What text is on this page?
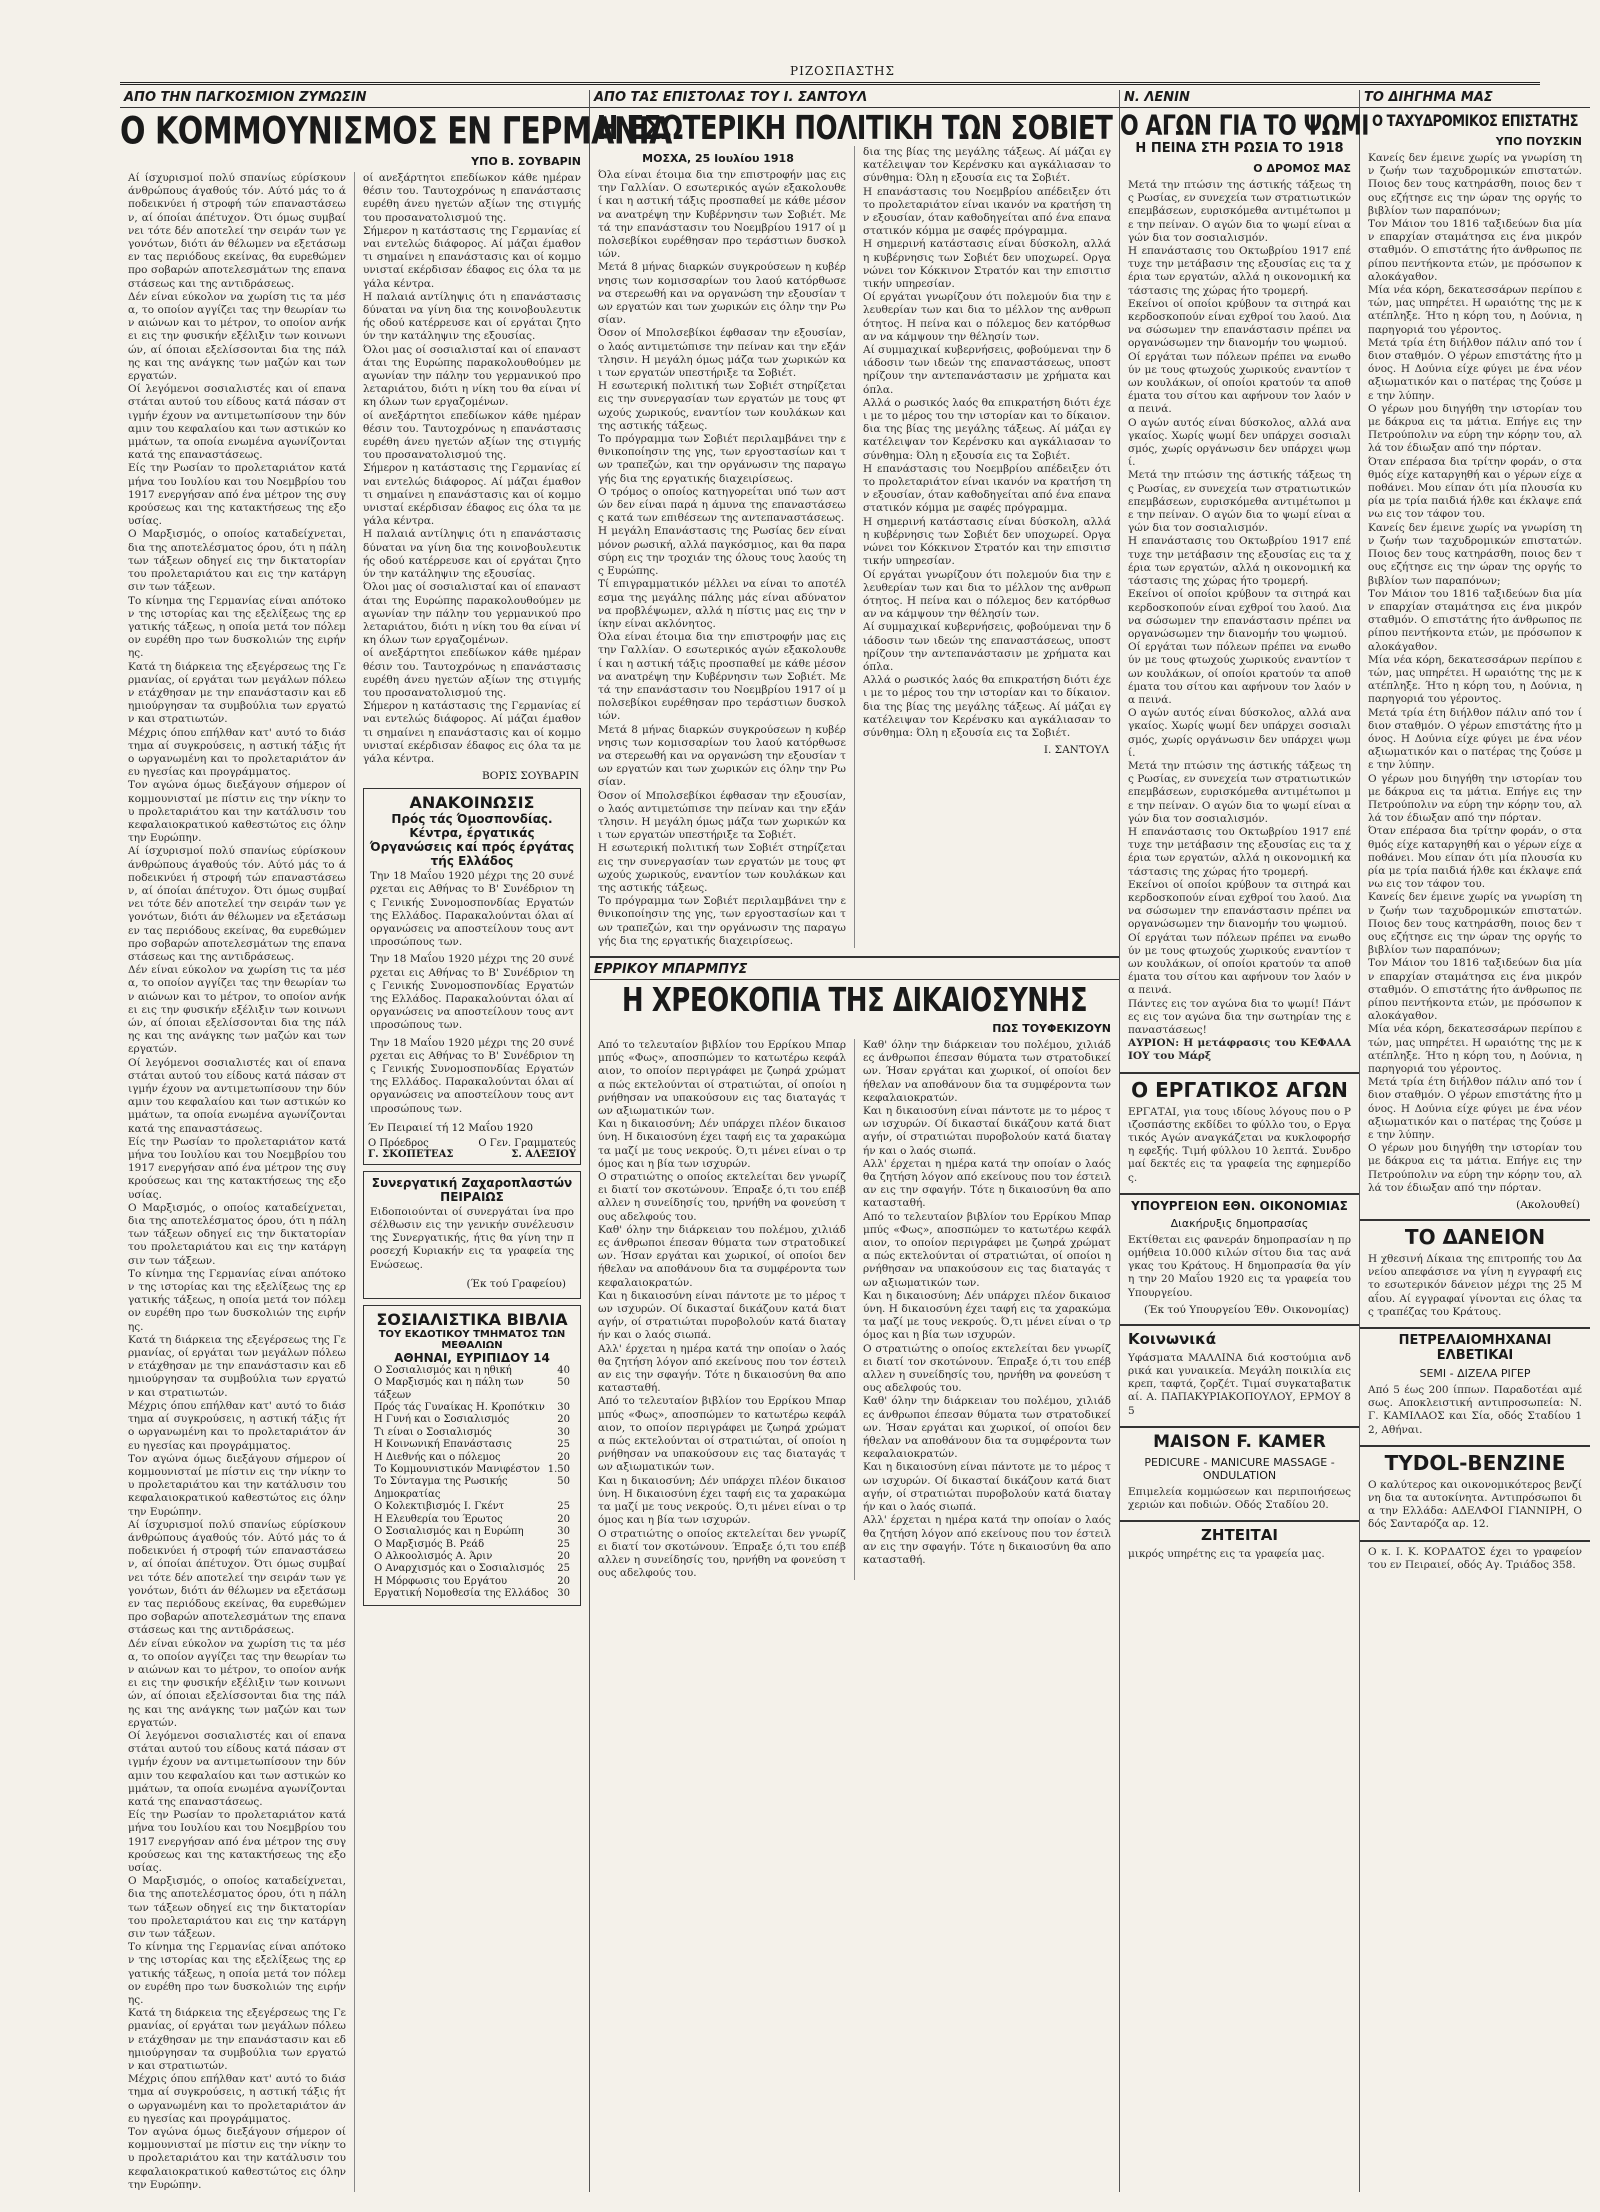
ΡΙΖΟΣΠΑΣΤΗΣ
ΑΠΟ ΤΗΝ ΠΑΓΚΟΣΜΙΟΝ ΖΥΜΩΣΙΝ
Ο ΚΟΜΜΟΥΝΙΣΜΟΣ ΕΝ ΓΕΡΜΑΝΙΑ
ΥΠΟ Β. ΣΟΥΒΑΡΙΝ

Αί ίσχυρισμοί πολύ σπανίως εύρίσκουν άνθρώπους άγαθούς τόν. Αύτό μάς το άποδεικνύει ή στροφή τών επαναστάσεων, αί όποίαι άπέτυχον. Ότι όμως συμβαίνει τότε δέν αποτελεί την σειράν των γεγονότων, διότι άν θέλωμεν να εξετάσωμεν τας περιόδους εκείνας, θα ευρεθώμεν προ σοβαρών αποτελεσμάτων της επαναστάσεως και της αντιδράσεως.

Δέν είναι εύκολον να χωρίση τις τα μέσα, το οποίον αγγίζει τας την θεωρίαν των αιώνων και το μέτρον, το οποίον ανήκει εις την φυσικήν εξέλιξιν των κοινωνιών, αί όποιαι εξελίσσονται δια της πάλης και της ανάγκης των μαζών και των εργατών.

Οί λεγόμενοι σοσιαλιστές και οί επαναστάται αυτού του είδους κατά πάσαν στιγμήν έχουν να αντιμετωπίσουν την δύναμιν του κεφαλαίου και των αστικών κομμάτων, τα οποία ενωμένα αγωνίζονται κατά της επαναστάσεως.

Είς την Ρωσίαν το προλεταριάτον κατά μήνα του Ιουλίου και του Νοεμβρίου του 1917 ενεργήσαν από ένα μέτρον της συγκρούσεως και της κατακτήσεως της εξουσίας.

Ο Μαρξισμός, ο οποίος καταδείχνεται, δια της αποτελέσματος όρου, ότι η πάλη των τάξεων οδηγεί εις την δικτατορίαν του προλεταριάτου και εις την κατάργησιν των τάξεων.

Το κίνημα της Γερμανίας είναι απότοκον της ιστορίας και της εξελίξεως της εργατικής τάξεως, η οποία μετά τον πόλεμον ευρέθη προ των δυσκολιών της ειρήνης.

Κατά τη διάρκεια της εξεγέρσεως της Γερμανίας, οί εργάται των μεγάλων πόλεων ετάχθησαν με την επανάστασιν και εδημιούργησαν τα συμβούλια των εργατών και στρατιωτών.

Μέχρις όπου επήλθαν κατ' αυτό το διάστημα αί συγκρούσεις, η αστική τάξις ήτο ωργανωμένη και το προλεταριάτον άνευ ηγεσίας και προγράμματος.

Τον αγώνα όμως διεξάγουν σήμερον οί κομμουνισταί με πίστιν εις την νίκην του προλεταριάτου και την κατάλυσιν του κεφαλαιοκρατικού καθεστώτος εις όλην την Ευρώπην.

Αί ίσχυρισμοί πολύ σπανίως εύρίσκουν άνθρώπους άγαθούς τόν. Αύτό μάς το άποδεικνύει ή στροφή τών επαναστάσεων, αί όποίαι άπέτυχον. Ότι όμως συμβαίνει τότε δέν αποτελεί την σειράν των γεγονότων, διότι άν θέλωμεν να εξετάσωμεν τας περιόδους εκείνας, θα ευρεθώμεν προ σοβαρών αποτελεσμάτων της επαναστάσεως και της αντιδράσεως.

Δέν είναι εύκολον να χωρίση τις τα μέσα, το οποίον αγγίζει τας την θεωρίαν των αιώνων και το μέτρον, το οποίον ανήκει εις την φυσικήν εξέλιξιν των κοινωνιών, αί όποιαι εξελίσσονται δια της πάλης και της ανάγκης των μαζών και των εργατών.

Οί λεγόμενοι σοσιαλιστές και οί επαναστάται αυτού του είδους κατά πάσαν στιγμήν έχουν να αντιμετωπίσουν την δύναμιν του κεφαλαίου και των αστικών κομμάτων, τα οποία ενωμένα αγωνίζονται κατά της επαναστάσεως.

Είς την Ρωσίαν το προλεταριάτον κατά μήνα του Ιουλίου και του Νοεμβρίου του 1917 ενεργήσαν από ένα μέτρον της συγκρούσεως και της κατακτήσεως της εξουσίας.

Ο Μαρξισμός, ο οποίος καταδείχνεται, δια της αποτελέσματος όρου, ότι η πάλη των τάξεων οδηγεί εις την δικτατορίαν του προλεταριάτου και εις την κατάργησιν των τάξεων.

Το κίνημα της Γερμανίας είναι απότοκον της ιστορίας και της εξελίξεως της εργατικής τάξεως, η οποία μετά τον πόλεμον ευρέθη προ των δυσκολιών της ειρήνης.

Κατά τη διάρκεια της εξεγέρσεως της Γερμανίας, οί εργάται των μεγάλων πόλεων ετάχθησαν με την επανάστασιν και εδημιούργησαν τα συμβούλια των εργατών και στρατιωτών.

Μέχρις όπου επήλθαν κατ' αυτό το διάστημα αί συγκρούσεις, η αστική τάξις ήτο ωργανωμένη και το προλεταριάτον άνευ ηγεσίας και προγράμματος.

Τον αγώνα όμως διεξάγουν σήμερον οί κομμουνισταί με πίστιν εις την νίκην του προλεταριάτου και την κατάλυσιν του κεφαλαιοκρατικού καθεστώτος εις όλην την Ευρώπην.

Αί ίσχυρισμοί πολύ σπανίως εύρίσκουν άνθρώπους άγαθούς τόν. Αύτό μάς το άποδεικνύει ή στροφή τών επαναστάσεων, αί όποίαι άπέτυχον. Ότι όμως συμβαίνει τότε δέν αποτελεί την σειράν των γεγονότων, διότι άν θέλωμεν να εξετάσωμεν τας περιόδους εκείνας, θα ευρεθώμεν προ σοβαρών αποτελεσμάτων της επαναστάσεως και της αντιδράσεως.

Δέν είναι εύκολον να χωρίση τις τα μέσα, το οποίον αγγίζει τας την θεωρίαν των αιώνων και το μέτρον, το οποίον ανήκει εις την φυσικήν εξέλιξιν των κοινωνιών, αί όποιαι εξελίσσονται δια της πάλης και της ανάγκης των μαζών και των εργατών.

Οί λεγόμενοι σοσιαλιστές και οί επαναστάται αυτού του είδους κατά πάσαν στιγμήν έχουν να αντιμετωπίσουν την δύναμιν του κεφαλαίου και των αστικών κομμάτων, τα οποία ενωμένα αγωνίζονται κατά της επαναστάσεως.

Είς την Ρωσίαν το προλεταριάτον κατά μήνα του Ιουλίου και του Νοεμβρίου του 1917 ενεργήσαν από ένα μέτρον της συγκρούσεως και της κατακτήσεως της εξουσίας.

Ο Μαρξισμός, ο οποίος καταδείχνεται, δια της αποτελέσματος όρου, ότι η πάλη των τάξεων οδηγεί εις την δικτατορίαν του προλεταριάτου και εις την κατάργησιν των τάξεων.

Το κίνημα της Γερμανίας είναι απότοκον της ιστορίας και της εξελίξεως της εργατικής τάξεως, η οποία μετά τον πόλεμον ευρέθη προ των δυσκολιών της ειρήνης.

Κατά τη διάρκεια της εξεγέρσεως της Γερμανίας, οί εργάται των μεγάλων πόλεων ετάχθησαν με την επανάστασιν και εδημιούργησαν τα συμβούλια των εργατών και στρατιωτών.

Μέχρις όπου επήλθαν κατ' αυτό το διάστημα αί συγκρούσεις, η αστική τάξις ήτο ωργανωμένη και το προλεταριάτον άνευ ηγεσίας και προγράμματος.

Τον αγώνα όμως διεξάγουν σήμερον οί κομμουνισταί με πίστιν εις την νίκην του προλεταριάτου και την κατάλυσιν του κεφαλαιοκρατικού καθεστώτος εις όλην την Ευρώπην.

οί ανεξάρτητοι επεδίωκον κάθε ημέραν θέσιν του. Ταυτοχρόνως η επανάστασις ευρέθη άνευ ηγετών αξίων της στιγμής του προσανατολισμού της.

Σήμερον η κατάστασις της Γερμανίας είναι εντελώς διάφορος. Αί μάζαι έμαθον τι σημαίνει η επανάστασις και οί κομμουνισταί εκέρδισαν έδαφος εις όλα τα μεγάλα κέντρα.

Η παλαιά αντίληψις ότι η επανάστασις δύναται να γίνη δια της κοινοβουλευτικής οδού κατέρρευσε και οί εργάται ζητούν την κατάληψιν της εξουσίας.

Όλοι μας οί σοσιαλισταί και οί επαναστάται της Ευρώπης παρακολουθούμεν με αγωνίαν την πάλην του γερμανικού προλεταριάτου, διότι η νίκη του θα είναι νίκη όλων των εργαζομένων.

οί ανεξάρτητοι επεδίωκον κάθε ημέραν θέσιν του. Ταυτοχρόνως η επανάστασις ευρέθη άνευ ηγετών αξίων της στιγμής του προσανατολισμού της.

Σήμερον η κατάστασις της Γερμανίας είναι εντελώς διάφορος. Αί μάζαι έμαθον τι σημαίνει η επανάστασις και οί κομμουνισταί εκέρδισαν έδαφος εις όλα τα μεγάλα κέντρα.

Η παλαιά αντίληψις ότι η επανάστασις δύναται να γίνη δια της κοινοβουλευτικής οδού κατέρρευσε και οί εργάται ζητούν την κατάληψιν της εξουσίας.

Όλοι μας οί σοσιαλισταί και οί επαναστάται της Ευρώπης παρακολουθούμεν με αγωνίαν την πάλην του γερμανικού προλεταριάτου, διότι η νίκη του θα είναι νίκη όλων των εργαζομένων.

οί ανεξάρτητοι επεδίωκον κάθε ημέραν θέσιν του. Ταυτοχρόνως η επανάστασις ευρέθη άνευ ηγετών αξίων της στιγμής του προσανατολισμού της.

Σήμερον η κατάστασις της Γερμανίας είναι εντελώς διάφορος. Αί μάζαι έμαθον τι σημαίνει η επανάστασις και οί κομμουνισταί εκέρδισαν έδαφος εις όλα τα μεγάλα κέντρα.

ΒΟΡΙΣ ΣΟΥΒΑΡΙΝ
ΑΝΑΚΟΙΝΩΣΙΣ
Πρός τάς Όμοσπονδίας. Κέντρα, έργατικάς Όργανώσεις καί πρός έργάτας τής Ελλάδος

Την 18 Μαΐου 1920 μέχρι της 20 συνέρχεται εις Αθήνας το Β' Συνέδριον της Γενικής Συνομοσπονδίας Εργατών της Ελλάδος. Παρακαλούνται όλαι αί οργανώσεις να αποστείλουν τους αντιπροσώπους των.

Την 18 Μαΐου 1920 μέχρι της 20 συνέρχεται εις Αθήνας το Β' Συνέδριον της Γενικής Συνομοσπονδίας Εργατών της Ελλάδος. Παρακαλούνται όλαι αί οργανώσεις να αποστείλουν τους αντιπροσώπους των.

Την 18 Μαΐου 1920 μέχρι της 20 συνέρχεται εις Αθήνας το Β' Συνέδριον της Γενικής Συνομοσπονδίας Εργατών της Ελλάδος. Παρακαλούνται όλαι αί οργανώσεις να αποστείλουν τους αντιπροσώπους των.

Έν Πειραιεί τή 12 Μαΐου 1920
Ο Πρόεδρος	Ο Γεν. Γραμματεύς
Γ. ΣΚΟΠΕΤΕΑΣ	Σ. ΑΛΕΞΙΟΥ
Συνεργατική Ζαχαροπλαστών ΠΕΙΡΑΙΩΣ

Ειδοποιούνται οί συνεργάται ίνα προσέλθωσιν εις την γενικήν συνέλευσιν της Συνεργατικής, ήτις θα γίνη την προσεχή Κυριακήν εις τα γραφεία της Ενώσεως.

(Έκ τού Γραφείου)
ΣΟΣΙΑΛΙΣΤΙΚΑ ΒΙΒΛΙΑ
ΤΟΥ ΕΚΔΟΤΙΚΟΥ ΤΜΗΜΑΤΟΣ ΤΩΝ ΜΕΘΑΛΙΩΝ
ΑΘΗΝΑΙ, ΕΥΡΙΠΙΔΟΥ 14
Ο Σοσιαλισμός και η ηθική	40
Ο Μαρξισμός και η πάλη των τάξεων
50
Πρός τάς Γυναίκας Η. Κροπότκιν 30
Η Γυνή και ο Σοσιαλισμός	20
Τι είναι ο Σοσιαλισμός	30
Η Κοινωνική Επανάστασις	25
Η Διεθνής και ο πόλεμος	20
Το Κομμουνιστικόν Μανιφέστον 1.50
Το Σύνταγμα της Ρωσικής Δημοκρατίας
50
Ο Κολεκτιβισμός Ι. Γκέντ	25
Η Ελευθερία του Έρωτος	20
Ο Σοσιαλισμός και η Ευρώπη	30
Ο Μαρξισμός Β. Ρεάδ	25
Ο Αλκοολισμός Α. Άριν	20
Ο Αναρχισμός και ο Σοσιαλισμός 25
Η Μόρφωσις του Εργάτου	20
Εργατική Νομοθεσία της Ελλάδος 30
ΑΠΟ ΤΑΣ ΕΠΙΣΤΟΛΑΣ ΤΟΥ Ι. ΣΑΝΤΟΥΛ
Η ΕΣΩΤΕΡΙΚΗ ΠΟΛΙΤΙΚΗ ΤΩΝ ΣΟΒΙΕΤ
ΜΟΣΧΑ, 25 Ιουλίου 1918

Όλα είναι έτοιμα δια την επιστροφήν μας εις την Γαλλίαν. Ο εσωτερικός αγών εξακολουθεί και η αστική τάξις προσπαθεί με κάθε μέσον να ανατρέψη την Κυβέρνησιν των Σοβιέτ. Μετά την επανάστασιν του Νοεμβρίου 1917 οί μπολσεβίκοι ευρέθησαν προ τεράστιων δυσκολιών.

Μετά 8 μήνας διαρκών συγκρούσεων η κυβέρνησις των κομισσαρίων του λαού κατόρθωσε να στερεωθή και να οργανώση την εξουσίαν των εργατών και των χωρικών εις όλην την Ρωσίαν.

Όσον οί Μπολσεβίκοι έφθασαν την εξουσίαν, ο λαός αντιμετώπισε την πείναν και την εξάντλησιν. Η μεγάλη όμως μάζα των χωρικών και των εργατών υπεστήριξε τα Σοβιέτ.

Η εσωτερική πολιτική των Σοβιέτ στηρίζεται εις την συνεργασίαν των εργατών με τους φτωχούς χωρικούς, εναντίον των κουλάκων και της αστικής τάξεως.

Το πρόγραμμα των Σοβιέτ περιλαμβάνει την εθνικοποίησιν της γης, των εργοστασίων και των τραπεζών, και την οργάνωσιν της παραγωγής δια της εργατικής διαχειρίσεως.

Ο τρόμος ο οποίος κατηγορείται υπό των αστών δεν είναι παρά η άμυνα της επαναστάσεως κατά των επιθέσεων της αντεπαναστάσεως.

Η μεγάλη Επανάστασις της Ρωσίας δεν είναι μόνον ρωσική, αλλά παγκόσμιος, και θα παρασύρη εις την τροχιάν της όλους τους λαούς της Ευρώπης.

Τί επιγραμματικόν μέλλει να είναι το αποτέλεσμα της μεγάλης πάλης μάς είναι αδύνατον να προβλέψωμεν, αλλά η πίστις μας εις την νίκην είναι ακλόνητος.

Όλα είναι έτοιμα δια την επιστροφήν μας εις την Γαλλίαν. Ο εσωτερικός αγών εξακολουθεί και η αστική τάξις προσπαθεί με κάθε μέσον να ανατρέψη την Κυβέρνησιν των Σοβιέτ. Μετά την επανάστασιν του Νοεμβρίου 1917 οί μπολσεβίκοι ευρέθησαν προ τεράστιων δυσκολιών.

Μετά 8 μήνας διαρκών συγκρούσεων η κυβέρνησις των κομισσαρίων του λαού κατόρθωσε να στερεωθή και να οργανώση την εξουσίαν των εργατών και των χωρικών εις όλην την Ρωσίαν.

Όσον οί Μπολσεβίκοι έφθασαν την εξουσίαν, ο λαός αντιμετώπισε την πείναν και την εξάντλησιν. Η μεγάλη όμως μάζα των χωρικών και των εργατών υπεστήριξε τα Σοβιέτ.

Η εσωτερική πολιτική των Σοβιέτ στηρίζεται εις την συνεργασίαν των εργατών με τους φτωχούς χωρικούς, εναντίον των κουλάκων και της αστικής τάξεως.

Το πρόγραμμα των Σοβιέτ περιλαμβάνει την εθνικοποίησιν της γης, των εργοστασίων και των τραπεζών, και την οργάνωσιν της παραγωγής δια της εργατικής διαχειρίσεως.

δια της βίας της μεγάλης τάξεως. Αί μάζαι εγκατέλειψαν τον Κερένσκυ και αγκάλιασαν το σύνθημα: Όλη η εξουσία εις τα Σοβιέτ.

Η επανάστασις του Νοεμβρίου απέδειξεν ότι το προλεταριάτον είναι ικανόν να κρατήση την εξουσίαν, όταν καθοδηγείται από ένα επαναστατικόν κόμμα με σαφές πρόγραμμα.

Η σημερινή κατάστασις είναι δύσκολη, αλλά η κυβέρνησις των Σοβιέτ δεν υποχωρεί. Οργανώνει τον Κόκκινον Στρατόν και την επισιτιστικήν υπηρεσίαν.

Οί εργάται γνωρίζουν ότι πολεμούν δια την ελευθερίαν των και δια το μέλλον της ανθρωπότητος. Η πείνα και ο πόλεμος δεν κατόρθωσαν να κάμψουν την θέλησίν των.

Αί συμμαχικαί κυβερνήσεις, φοβούμεναι την διάδοσιν των ιδεών της επαναστάσεως, υποστηρίζουν την αντεπανάστασιν με χρήματα και όπλα.

Αλλά ο ρωσικός λαός θα επικρατήση διότι έχει με το μέρος του την ιστορίαν και το δίκαιον.

δια της βίας της μεγάλης τάξεως. Αί μάζαι εγκατέλειψαν τον Κερένσκυ και αγκάλιασαν το σύνθημα: Όλη η εξουσία εις τα Σοβιέτ.

Η επανάστασις του Νοεμβρίου απέδειξεν ότι το προλεταριάτον είναι ικανόν να κρατήση την εξουσίαν, όταν καθοδηγείται από ένα επαναστατικόν κόμμα με σαφές πρόγραμμα.

Η σημερινή κατάστασις είναι δύσκολη, αλλά η κυβέρνησις των Σοβιέτ δεν υποχωρεί. Οργανώνει τον Κόκκινον Στρατόν και την επισιτιστικήν υπηρεσίαν.

Οί εργάται γνωρίζουν ότι πολεμούν δια την ελευθερίαν των και δια το μέλλον της ανθρωπότητος. Η πείνα και ο πόλεμος δεν κατόρθωσαν να κάμψουν την θέλησίν των.

Αί συμμαχικαί κυβερνήσεις, φοβούμεναι την διάδοσιν των ιδεών της επαναστάσεως, υποστηρίζουν την αντεπανάστασιν με χρήματα και όπλα.

Αλλά ο ρωσικός λαός θα επικρατήση διότι έχει με το μέρος του την ιστορίαν και το δίκαιον.

δια της βίας της μεγάλης τάξεως. Αί μάζαι εγκατέλειψαν τον Κερένσκυ και αγκάλιασαν το σύνθημα: Όλη η εξουσία εις τα Σοβιέτ.

Ι. ΣΑΝΤΟΥΛ
ΕΡΡΙΚΟΥ ΜΠΑΡΜΠΥΣ
Η ΧΡΕΟΚΟΠΙΑ ΤΗΣ ΔΙΚΑΙΟΣΥΝΗΣ
ΠΩΣ ΤΟΥΦΕΚΙΖΟΥΝ

Από το τελευταίον βιβλίον του Ερρίκου Μπαρμπύς «Φως», αποσπώμεν το κατωτέρω κεφάλαιον, το οποίον περιγράφει με ζωηρά χρώματα πώς εκτελούνται οί στρατιώται, οί οποίοι ηρνήθησαν να υπακούσουν εις τας διαταγάς των αξιωματικών των.

Και η δικαιοσύνη; Δέν υπάρχει πλέον δικαιοσύνη. Η δικαιοσύνη έχει ταφή εις τα χαρακώματα μαζί με τους νεκρούς. Ό,τι μένει είναι ο τρόμος και η βία των ισχυρών.

Ο στρατιώτης ο οποίος εκτελείται δεν γνωρίζει διατί τον σκοτώνουν. Έπραξε ό,τι του επέβαλλεν η συνείδησίς του, ηρνήθη να φονεύση τους αδελφούς του.

Καθ' όλην την διάρκειαν του πολέμου, χιλιάδες άνθρωποι έπεσαν θύματα των στρατοδικείων. Ήσαν εργάται και χωρικοί, οί οποίοι δεν ήθελαν να αποθάνουν δια τα συμφέροντα των κεφαλαιοκρατών.

Και η δικαιοσύνη είναι πάντοτε με το μέρος των ισχυρών. Οί δικασταί δικάζουν κατά διαταγήν, οί στρατιώται πυροβολούν κατά διαταγήν και ο λαός σιωπά.

Αλλ' έρχεται η ημέρα κατά την οποίαν ο λαός θα ζητήση λόγον από εκείνους που τον έστειλαν εις την σφαγήν. Τότε η δικαιοσύνη θα αποκατασταθή.

Από το τελευταίον βιβλίον του Ερρίκου Μπαρμπύς «Φως», αποσπώμεν το κατωτέρω κεφάλαιον, το οποίον περιγράφει με ζωηρά χρώματα πώς εκτελούνται οί στρατιώται, οί οποίοι ηρνήθησαν να υπακούσουν εις τας διαταγάς των αξιωματικών των.

Και η δικαιοσύνη; Δέν υπάρχει πλέον δικαιοσύνη. Η δικαιοσύνη έχει ταφή εις τα χαρακώματα μαζί με τους νεκρούς. Ό,τι μένει είναι ο τρόμος και η βία των ισχυρών.

Ο στρατιώτης ο οποίος εκτελείται δεν γνωρίζει διατί τον σκοτώνουν. Έπραξε ό,τι του επέβαλλεν η συνείδησίς του, ηρνήθη να φονεύση τους αδελφούς του.

Καθ' όλην την διάρκειαν του πολέμου, χιλιάδες άνθρωποι έπεσαν θύματα των στρατοδικείων. Ήσαν εργάται και χωρικοί, οί οποίοι δεν ήθελαν να αποθάνουν δια τα συμφέροντα των κεφαλαιοκρατών.

Και η δικαιοσύνη είναι πάντοτε με το μέρος των ισχυρών. Οί δικασταί δικάζουν κατά διαταγήν, οί στρατιώται πυροβολούν κατά διαταγήν και ο λαός σιωπά.

Αλλ' έρχεται η ημέρα κατά την οποίαν ο λαός θα ζητήση λόγον από εκείνους που τον έστειλαν εις την σφαγήν. Τότε η δικαιοσύνη θα αποκατασταθή.

Από το τελευταίον βιβλίον του Ερρίκου Μπαρμπύς «Φως», αποσπώμεν το κατωτέρω κεφάλαιον, το οποίον περιγράφει με ζωηρά χρώματα πώς εκτελούνται οί στρατιώται, οί οποίοι ηρνήθησαν να υπακούσουν εις τας διαταγάς των αξιωματικών των.

Και η δικαιοσύνη; Δέν υπάρχει πλέον δικαιοσύνη. Η δικαιοσύνη έχει ταφή εις τα χαρακώματα μαζί με τους νεκρούς. Ό,τι μένει είναι ο τρόμος και η βία των ισχυρών.

Ο στρατιώτης ο οποίος εκτελείται δεν γνωρίζει διατί τον σκοτώνουν. Έπραξε ό,τι του επέβαλλεν η συνείδησίς του, ηρνήθη να φονεύση τους αδελφούς του.

Καθ' όλην την διάρκειαν του πολέμου, χιλιάδες άνθρωποι έπεσαν θύματα των στρατοδικείων. Ήσαν εργάται και χωρικοί, οί οποίοι δεν ήθελαν να αποθάνουν δια τα συμφέροντα των κεφαλαιοκρατών.

Και η δικαιοσύνη είναι πάντοτε με το μέρος των ισχυρών. Οί δικασταί δικάζουν κατά διαταγήν, οί στρατιώται πυροβολούν κατά διαταγήν και ο λαός σιωπά.

Αλλ' έρχεται η ημέρα κατά την οποίαν ο λαός θα ζητήση λόγον από εκείνους που τον έστειλαν εις την σφαγήν. Τότε η δικαιοσύνη θα αποκατασταθή.

Ν. ΛΕΝΙΝ
Ο ΑΓΩΝ ΓΙΑ ΤΟ ΨΩΜΙ
Η ΠΕΙΝΑ ΣΤΗ ΡΩΣΙΑ ΤΟ 1918
Ο ΔΡΟΜΟΣ ΜΑΣ

Μετά την πτώσιν της άστικής τάξεως της Ρωσίας, εν συνεχεία των στρατιωτικών επεμβάσεων, ευρισκόμεθα αντιμέτωποι με την πείναν. Ο αγών δια το ψωμί είναι αγών δια τον σοσιαλισμόν.

Η επανάστασις του Οκτωβρίου 1917 επέτυχε την μετάβασιν της εξουσίας εις τα χέρια των εργατών, αλλά η οικονομική κατάστασις της χώρας ήτο τρομερή.

Εκείνοι οί οποίοι κρύβουν τα σιτηρά και κερδοσκοπούν είναι εχθροί του λαού. Δια να σώσωμεν την επανάστασιν πρέπει να οργανώσωμεν την διανομήν του ψωμιού.

Οί εργάται των πόλεων πρέπει να ενωθούν με τους φτωχούς χωρικούς εναντίον των κουλάκων, οί οποίοι κρατούν τα αποθέματα του σίτου και αφήνουν τον λαόν να πεινά.

Ο αγών αυτός είναι δύσκολος, αλλά αναγκαίος. Χωρίς ψωμί δεν υπάρχει σοσιαλισμός, χωρίς οργάνωσιν δεν υπάρχει ψωμί.

Μετά την πτώσιν της άστικής τάξεως της Ρωσίας, εν συνεχεία των στρατιωτικών επεμβάσεων, ευρισκόμεθα αντιμέτωποι με την πείναν. Ο αγών δια το ψωμί είναι αγών δια τον σοσιαλισμόν.

Η επανάστασις του Οκτωβρίου 1917 επέτυχε την μετάβασιν της εξουσίας εις τα χέρια των εργατών, αλλά η οικονομική κατάστασις της χώρας ήτο τρομερή.

Εκείνοι οί οποίοι κρύβουν τα σιτηρά και κερδοσκοπούν είναι εχθροί του λαού. Δια να σώσωμεν την επανάστασιν πρέπει να οργανώσωμεν την διανομήν του ψωμιού.

Οί εργάται των πόλεων πρέπει να ενωθούν με τους φτωχούς χωρικούς εναντίον των κουλάκων, οί οποίοι κρατούν τα αποθέματα του σίτου και αφήνουν τον λαόν να πεινά.

Ο αγών αυτός είναι δύσκολος, αλλά αναγκαίος. Χωρίς ψωμί δεν υπάρχει σοσιαλισμός, χωρίς οργάνωσιν δεν υπάρχει ψωμί.

Μετά την πτώσιν της άστικής τάξεως της Ρωσίας, εν συνεχεία των στρατιωτικών επεμβάσεων, ευρισκόμεθα αντιμέτωποι με την πείναν. Ο αγών δια το ψωμί είναι αγών δια τον σοσιαλισμόν.

Η επανάστασις του Οκτωβρίου 1917 επέτυχε την μετάβασιν της εξουσίας εις τα χέρια των εργατών, αλλά η οικονομική κατάστασις της χώρας ήτο τρομερή.

Εκείνοι οί οποίοι κρύβουν τα σιτηρά και κερδοσκοπούν είναι εχθροί του λαού. Δια να σώσωμεν την επανάστασιν πρέπει να οργανώσωμεν την διανομήν του ψωμιού.

Οί εργάται των πόλεων πρέπει να ενωθούν με τους φτωχούς χωρικούς εναντίον των κουλάκων, οί οποίοι κρατούν τα αποθέματα του σίτου και αφήνουν τον λαόν να πεινά.

Πάντες εις τον αγώνα δια το ψωμί! Πάντες εις τον αγώνα δια την σωτηρίαν της επαναστάσεως!

ΑΥΡΙΟΝ: Η μετάφρασις του ΚΕΦΑΛΑΙΟΥ του Μάρξ

Ο ΕΡΓΑΤΙΚΟΣ ΑΓΩΝ

ΕΡΓΑΤΑΙ, για τους ιδίους λόγους που ο Ριζοσπάστης εκδίδει το φύλλο του, ο Εργατικός Αγών αναγκάζεται να κυκλοφορήση εφεξής. Τιμή φύλλου 10 λεπτά. Συνδρομαί δεκτές εις τα γραφεία της εφημερίδος.

ΥΠΟΥΡΓΕΙΟΝ ΕΘΝ. ΟΙΚΟΝΟΜΙΑΣ
Διακήρυξις δημοπρασίας

Εκτίθεται εις φανεράν δημοπρασίαν η προμήθεια 10.000 κιλών σίτου δια τας ανάγκας του Κράτους. Η δημοπρασία θα γίνη την 20 Μαΐου 1920 εις τα γραφεία του Υπουργείου.

(Έκ τού Υπουργείου Έθν. Οικονομίας)
Κοινωνικά

Υφάσματα ΜΑΛΛΙΝΑ διά κοστούμια ανδρικά και γυναικεία. Μεγάλη ποικιλία εις κρεπ, ταφτά, ζορζέτ. Τιμαί συγκαταβατικαί. Α. ΠΑΠΑΚΥΡΙΑΚΟΠΟΥΛΟΥ, ΕΡΜΟΥ 85

MAISON F. KAMER
PEDICURE - MANICURE MASSAGE - ONDULATION

Επιμελεία κομμώσεων και περιποιήσεως χεριών και ποδιών. Οδός Σταδίου 20.

ΖΗΤΕΙΤΑΙ

μικρός υπηρέτης εις τα γραφεία μας.

ΤΟ ΔΙΗΓΗΜΑ ΜΑΣ
Ο ΤΑΧΥΔΡΟΜΙΚΟΣ ΕΠΙΣΤΑΤΗΣ
ΥΠΟ ΠΟΥΣΚΙΝ

Κανείς δεν έμεινε χωρίς να γνωρίση την ζωήν των ταχυδρομικών επιστατών. Ποιος δεν τους κατηράσθη, ποιος δεν τους εζήτησε εις την ώραν της οργής το βιβλίον των παραπόνων;

Τον Μάιον του 1816 ταξιδεύων δια μίαν επαρχίαν σταμάτησα εις ένα μικρόν σταθμόν. Ο επιστάτης ήτο άνθρωπος περίπου πεντήκοντα ετών, με πρόσωπον καλοκάγαθον.

Μία νέα κόρη, δεκατεσσάρων περίπου ετών, μας υπηρέτει. Η ωραιότης της με κατέπληξε. Ήτο η κόρη του, η Δούνια, η παρηγοριά του γέροντος.

Μετά τρία έτη διήλθον πάλιν από τον ίδιον σταθμόν. Ο γέρων επιστάτης ήτο μόνος. Η Δούνια είχε φύγει με ένα νέον αξιωματικόν και ο πατέρας της ζούσε με την λύπην.

Ο γέρων μου διηγήθη την ιστορίαν του με δάκρυα εις τα μάτια. Επήγε εις την Πετρούπολιν να εύρη την κόρην του, αλλά τον έδιωξαν από την πόρταν.

Όταν επέρασα δια τρίτην φοράν, ο σταθμός είχε καταργηθή και ο γέρων είχε αποθάνει. Μου είπαν ότι μία πλουσία κυρία με τρία παιδιά ήλθε και έκλαψε επάνω εις τον τάφον του.

Κανείς δεν έμεινε χωρίς να γνωρίση την ζωήν των ταχυδρομικών επιστατών. Ποιος δεν τους κατηράσθη, ποιος δεν τους εζήτησε εις την ώραν της οργής το βιβλίον των παραπόνων;

Τον Μάιον του 1816 ταξιδεύων δια μίαν επαρχίαν σταμάτησα εις ένα μικρόν σταθμόν. Ο επιστάτης ήτο άνθρωπος περίπου πεντήκοντα ετών, με πρόσωπον καλοκάγαθον.

Μία νέα κόρη, δεκατεσσάρων περίπου ετών, μας υπηρέτει. Η ωραιότης της με κατέπληξε. Ήτο η κόρη του, η Δούνια, η παρηγοριά του γέροντος.

Μετά τρία έτη διήλθον πάλιν από τον ίδιον σταθμόν. Ο γέρων επιστάτης ήτο μόνος. Η Δούνια είχε φύγει με ένα νέον αξιωματικόν και ο πατέρας της ζούσε με την λύπην.

Ο γέρων μου διηγήθη την ιστορίαν του με δάκρυα εις τα μάτια. Επήγε εις την Πετρούπολιν να εύρη την κόρην του, αλλά τον έδιωξαν από την πόρταν.

Όταν επέρασα δια τρίτην φοράν, ο σταθμός είχε καταργηθή και ο γέρων είχε αποθάνει. Μου είπαν ότι μία πλουσία κυρία με τρία παιδιά ήλθε και έκλαψε επάνω εις τον τάφον του.

Κανείς δεν έμεινε χωρίς να γνωρίση την ζωήν των ταχυδρομικών επιστατών. Ποιος δεν τους κατηράσθη, ποιος δεν τους εζήτησε εις την ώραν της οργής το βιβλίον των παραπόνων;

Τον Μάιον του 1816 ταξιδεύων δια μίαν επαρχίαν σταμάτησα εις ένα μικρόν σταθμόν. Ο επιστάτης ήτο άνθρωπος περίπου πεντήκοντα ετών, με πρόσωπον καλοκάγαθον.

Μία νέα κόρη, δεκατεσσάρων περίπου ετών, μας υπηρέτει. Η ωραιότης της με κατέπληξε. Ήτο η κόρη του, η Δούνια, η παρηγοριά του γέροντος.

Μετά τρία έτη διήλθον πάλιν από τον ίδιον σταθμόν. Ο γέρων επιστάτης ήτο μόνος. Η Δούνια είχε φύγει με ένα νέον αξιωματικόν και ο πατέρας της ζούσε με την λύπην.

Ο γέρων μου διηγήθη την ιστορίαν του με δάκρυα εις τα μάτια. Επήγε εις την Πετρούπολιν να εύρη την κόρην του, αλλά τον έδιωξαν από την πόρταν.

(Ακολουθεί)
ΤΟ ΔΑΝΕΙΟΝ

Η χθεσινή Δίκαια της επιτροπής του Δανείου απεφάσισε να γίνη η εγγραφή εις το εσωτερικόν δάνειον μέχρι της 25 Μαΐου. Αί εγγραφαί γίνονται εις όλας τας τραπέζας του Κράτους.

ΠΕΤΡΕΛΑΙΟΜΗΧΑΝΑΙ ΕΛΒΕΤΙΚΑΙ
SEMI - ΔΙΖΕΛΑ ΡΙΓΕΡ

Από 5 έως 200 ίππων. Παραδοτέαι αμέσως. Αποκλειστική αντιπροσωπεία: Ν. Γ. ΚΑΜΙΛΑΟΣ και Σία, οδός Σταδίου 12, Αθήναι.

TYDOL-BENZINE

Ο καλύτερος και οικονομικότερος βενζίνη δια τα αυτοκίνητα. Αντιπρόσωποι δια την Ελλάδα: ΑΔΕΛΦΟΙ ΓΙΑΝΝΙΡΗ, Οδός Σανταρόζα αρ. 12.

Ο κ. Ι. Κ. ΚΟΡΔΑΤΟΣ έχει το γραφείον του εν Πειραιεί, οδός Αγ. Τριάδος 358.
